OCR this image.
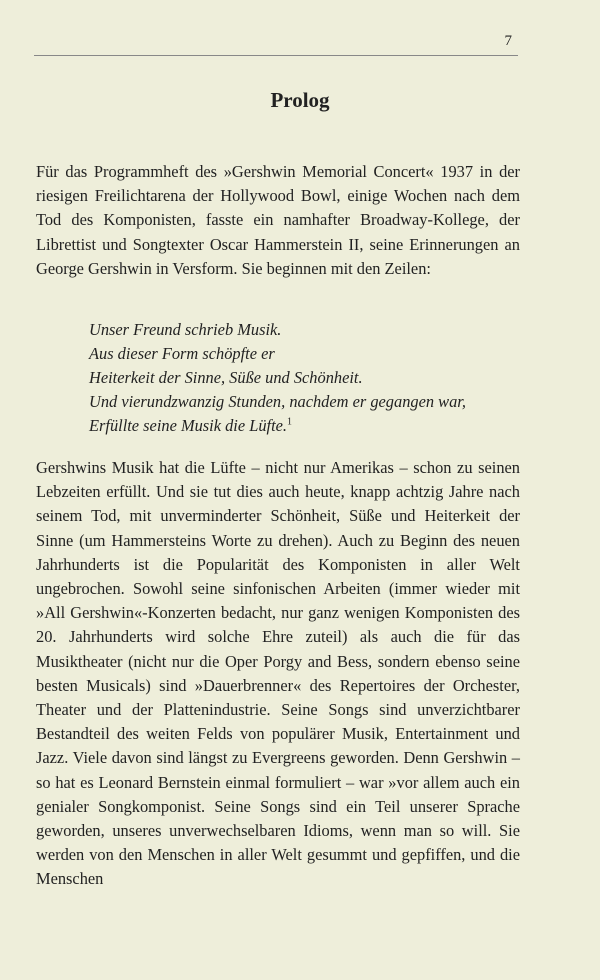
7
Prolog

Für das Programmheft des »Gershwin Memorial Concert« 1937 in der riesigen Freilichtarena der Hollywood Bowl, einige Wochen nach dem Tod des Komponisten, fasste ein namhafter Broadway-Kollege, der Librettist und Songtexter Oscar Hammerstein II, seine Erinnerungen an George Gershwin in Versform. Sie beginnen mit den Zeilen:

Unser Freund schrieb Musik.
Aus dieser Form schöpfte er
Heiterkeit der Sinne, Süße und Schönheit.
Und vierundzwanzig Stunden, nachdem er gegangen war,
Erfüllte seine Musik die Lüfte.$^1$

Gershwins Musik hat die Lüfte – nicht nur Amerikas – schon zu seinen Lebzeiten erfüllt. Und sie tut dies auch heute, knapp achtzig Jahre nach seinem Tod, mit unverminderter Schönheit, Süße und Heiterkeit der Sinne (um Hammersteins Worte zu drehen). Auch zu Beginn des neuen Jahrhunderts ist die Popularität des Komponisten in aller Welt ungebrochen. Sowohl seine sinfonischen Arbeiten (immer wieder mit »All Gershwin«-Konzerten bedacht, nur ganz wenigen Komponisten des 20. Jahrhunderts wird solche Ehre zuteil) als auch die für das Musiktheater (nicht nur die Oper Porgy and Bess, sondern ebenso seine besten Musicals) sind »Dauerbrenner« des Repertoires der Orchester, Theater und der Plattenindustrie. Seine Songs sind unverzichtbarer Bestandteil des weiten Felds von populärer Musik, Entertainment und Jazz. Viele davon sind längst zu Evergreens geworden. Denn Gershwin – so hat es Leonard Bernstein einmal formuliert – war »vor allem auch ein genialer Songkomponist. Seine Songs sind ein Teil unserer Sprache geworden, unseres unverwechselbaren Idioms, wenn man so will. Sie werden von den Menschen in aller Welt gesummt und gepfiffen, und die Menschen
